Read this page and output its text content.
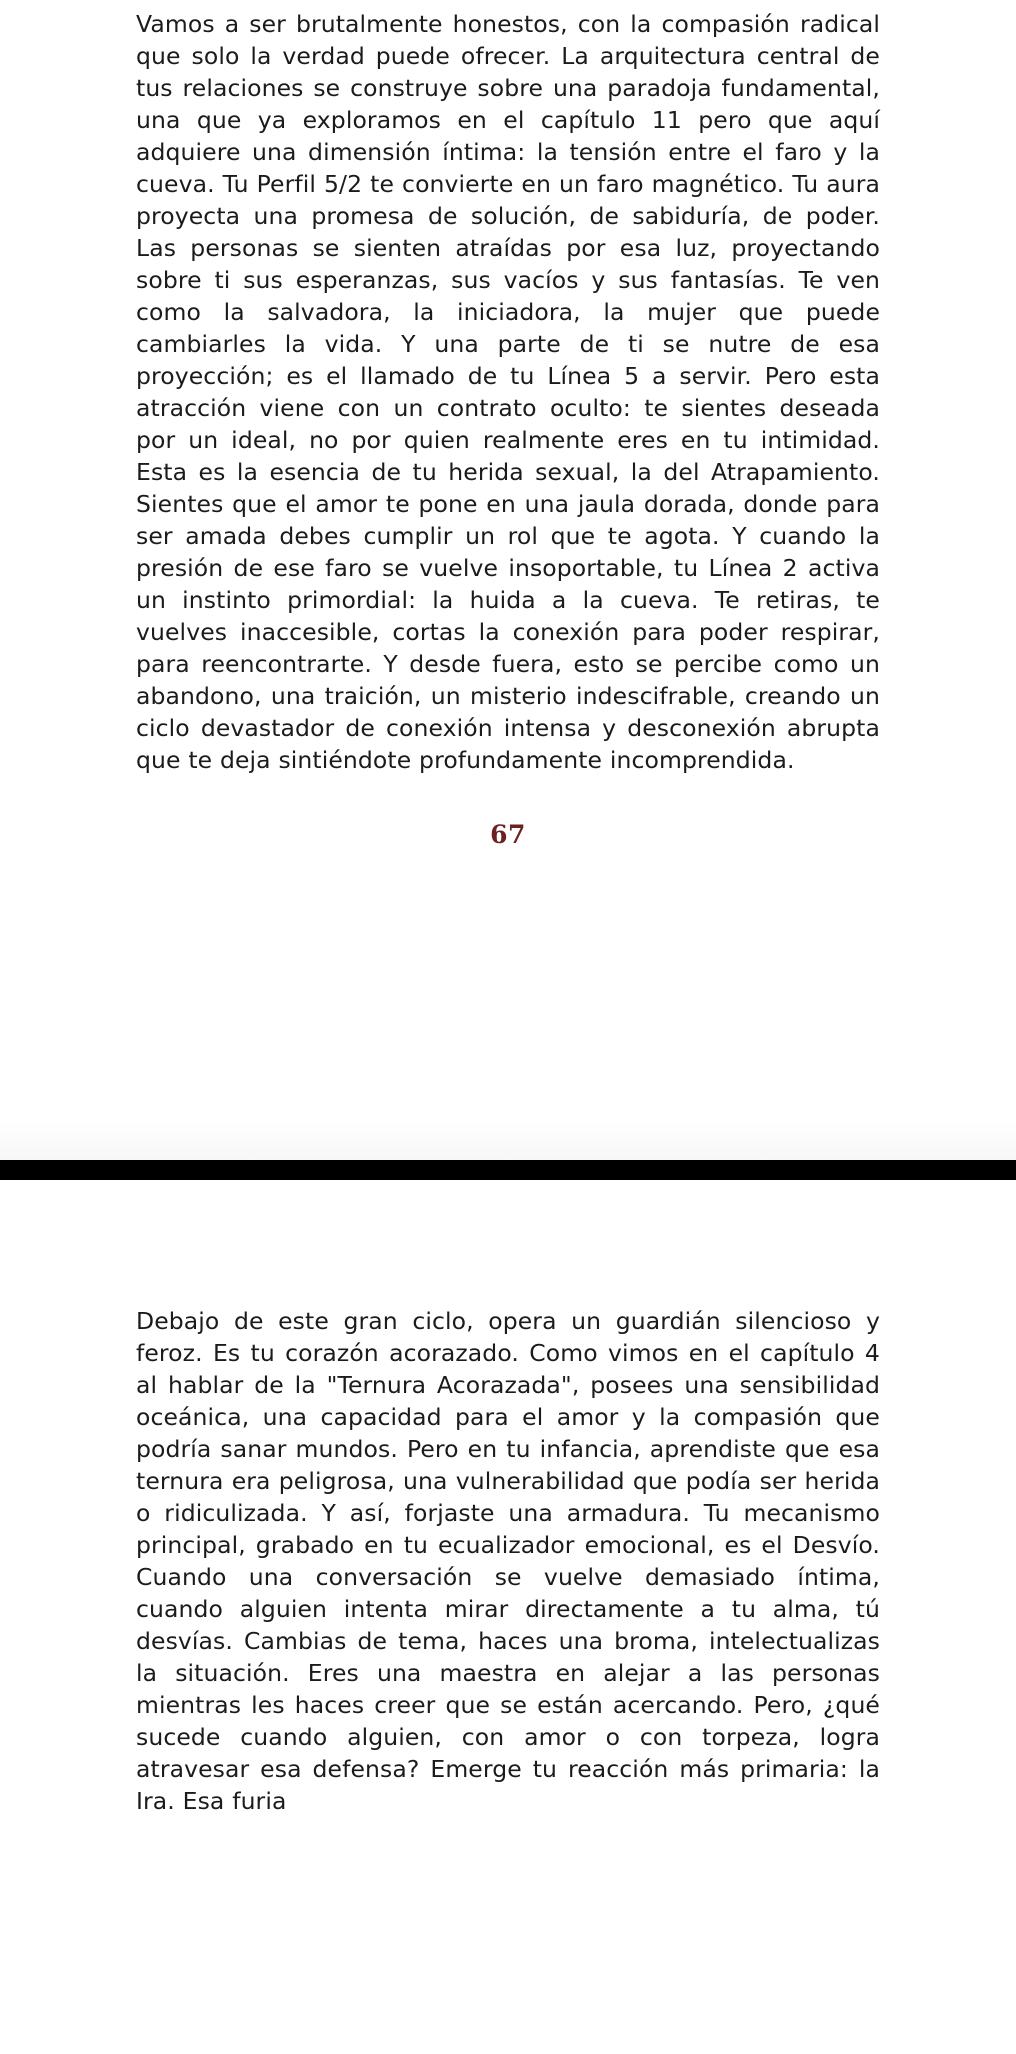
Vamos a ser brutalmente honestos, con la compasión radical que solo la verdad puede ofrecer. La arquitectura central de tus relaciones se construye sobre una paradoja fundamental, una que ya exploramos en el capítulo 11 pero que aquí adquiere una dimensión íntima: la tensión entre el faro y la cueva. Tu Perfil 5/2 te convierte en un faro magnético. Tu aura proyecta una promesa de solución, de sabiduría, de poder. Las personas se sienten atraídas por esa luz, proyectando sobre ti sus esperanzas, sus vacíos y sus fantasías. Te ven como la salvadora, la iniciadora, la mujer que puede cambiarles la vida. Y una parte de ti se nutre de esa proyección; es el llamado de tu Línea 5 a servir. Pero esta atracción viene con un contrato oculto: te sientes deseada por un ideal, no por quien realmente eres en tu intimidad. Esta es la esencia de tu herida sexual, la del Atrapamiento. Sientes que el amor te pone en una jaula dorada, donde para ser amada debes cumplir un rol que te agota. Y cuando la presión de ese faro se vuelve insoportable, tu Línea 2 activa un instinto primordial: la huida a la cueva. Te retiras, te vuelves inaccesible, cortas la conexión para poder respirar, para reencontrarte. Y desde fuera, esto se percibe como un abandono, una traición, un misterio indescifrable, creando un ciclo devastador de conexión intensa y desconexión abrupta que te deja sintiéndote profundamente incomprendida.

67

Debajo de este gran ciclo, opera un guardián silencioso y feroz. Es tu corazón acorazado. Como vimos en el capítulo 4 al hablar de la "Ternura Acorazada", posees una sensibilidad oceánica, una capacidad para el amor y la compasión que podría sanar mundos. Pero en tu infancia, aprendiste que esa ternura era peligrosa, una vulnerabilidad que podía ser herida o ridiculizada. Y así, forjaste una armadura. Tu mecanismo principal, grabado en tu ecualizador emocional, es el Desvío. Cuando una conversación se vuelve demasiado íntima, cuando alguien intenta mirar directamente a tu alma, tú desvías. Cambias de tema, haces una broma, intelectualizas la situación. Eres una maestra en alejar a las personas mientras les haces creer que se están acercando. Pero, ¿qué sucede cuando alguien, con amor o con torpeza, logra atravesar esa defensa? Emerge tu reacción más primaria: la Ira. Esa furia
